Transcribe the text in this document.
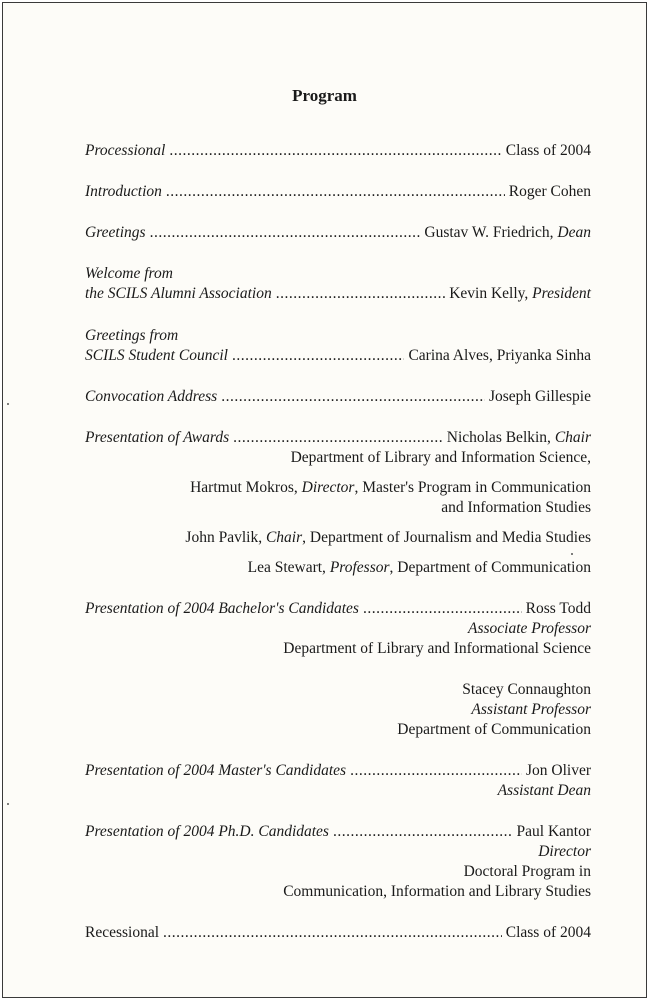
Program
Processional .....	Class of 2004
Introduction .....	Roger Cohen
Greetings .....	Gustav W. Friedrich, Dean
Welcome from
the SCILS Alumni Association .....	Kevin Kelly, President
Greetings from
SCILS Student Council .....	Carina Alves, Priyanka Sinha
Convocation Address .....	Joseph Gillespie
Presentation of Awards .....	Nicholas Belkin, Chair
Department of Library and Information Science,
Hartmut Mokros, Director, Master's Program in Communication
and Information Studies
John Pavlik, Chair, Department of Journalism and Media Studies
Lea Stewart, Professor, Department of Communication
Presentation of 2004 Bachelor's Candidates .....	Ross Todd
Associate Professor
Department of Library and Informational Science
Stacey Connaughton
Assistant Professor
Department of Communication
Presentation of 2004 Master's Candidates .....	Jon Oliver
Assistant Dean
Presentation of 2004 Ph.D. Candidates .....	Paul Kantor
Director
Doctoral Program in
Communication, Information and Library Studies
Recessional .....	Class of 2004
